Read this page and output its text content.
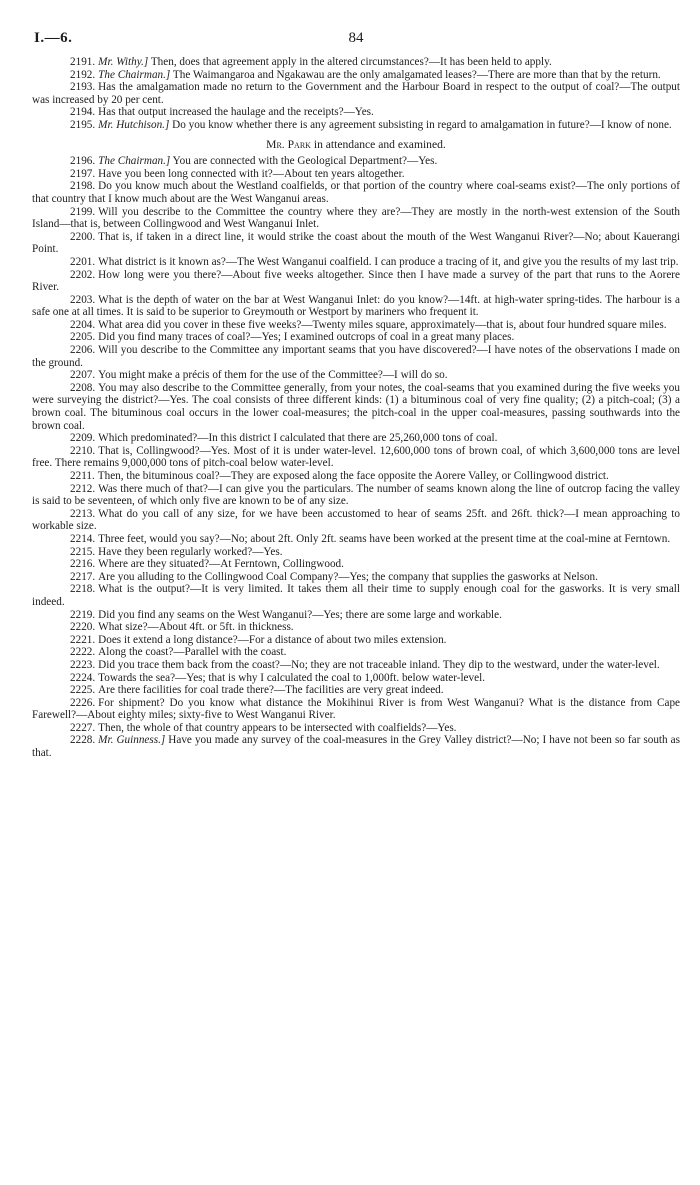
I.—6.	84

2191. Mr. Withy.] Then, does that agreement apply in the altered circumstances?—It has been held to apply.

2192. The Chairman.] The Waimangaroa and Ngakawau are the only amalgamated leases?—There are more than that by the return.

2193. Has the amalgamation made no return to the Government and the Harbour Board in respect to the output of coal?—The output was increased by 20 per cent.

2194. Has that output increased the haulage and the receipts?—Yes.

2195. Mr. Hutchison.] Do you know whether there is any agreement subsisting in regard to amalgamation in future?—I know of none.

Mr. Park in attendance and examined.

2196. The Chairman.] You are connected with the Geological Department?—Yes.

2197. Have you been long connected with it?—About ten years altogether.

2198. Do you know much about the Westland coalfields, or that portion of the country where coal-seams exist?—The only portions of that country that I know much about are the West Wanganui areas.

2199. Will you describe to the Committee the country where they are?—They are mostly in the north-west extension of the South Island—that is, between Collingwood and West Wanganui Inlet.

2200. That is, if taken in a direct line, it would strike the coast about the mouth of the West Wanganui River?—No; about Kauerangi Point.

2201. What district is it known as?—The West Wanganui coalfield. I can produce a tracing of it, and give you the results of my last trip.

2202. How long were you there?—About five weeks altogether. Since then I have made a survey of the part that runs to the Aorere River.

2203. What is the depth of water on the bar at West Wanganui Inlet: do you know?—14ft. at high-water spring-tides. The harbour is a safe one at all times. It is said to be superior to Greymouth or Westport by mariners who frequent it.

2204. What area did you cover in these five weeks?—Twenty miles square, approximately—that is, about four hundred square miles.

2205. Did you find many traces of coal?—Yes; I examined outcrops of coal in a great many places.

2206. Will you describe to the Committee any important seams that you have discovered?—I have notes of the observations I made on the ground.

2207. You might make a précis of them for the use of the Committee?—I will do so.

2208. You may also describe to the Committee generally, from your notes, the coal-seams that you examined during the five weeks you were surveying the district?—Yes. The coal consists of three different kinds: (1) a bituminous coal of very fine quality; (2) a pitch-coal; (3) a brown coal. The bituminous coal occurs in the lower coal-measures; the pitch-coal in the upper coal-measures, passing southwards into the brown coal.

2209. Which predominated?—In this district I calculated that there are 25,260,000 tons of coal.

2210. That is, Collingwood?—Yes. Most of it is under water-level. 12,600,000 tons of brown coal, of which 3,600,000 tons are level free. There remains 9,000,000 tons of pitch-coal below water-level.

2211. Then, the bituminous coal?—They are exposed along the face opposite the Aorere Valley, or Collingwood district.

2212. Was there much of that?—I can give you the particulars. The number of seams known along the line of outcrop facing the valley is said to be seventeen, of which only five are known to be of any size.

2213. What do you call of any size, for we have been accustomed to hear of seams 25ft. and 26ft. thick?—I mean approaching to workable size.

2214. Three feet, would you say?—No; about 2ft. Only 2ft. seams have been worked at the present time at the coal-mine at Ferntown.

2215. Have they been regularly worked?—Yes.

2216. Where are they situated?—At Ferntown, Collingwood.

2217. Are you alluding to the Collingwood Coal Company?—Yes; the company that supplies the gasworks at Nelson.

2218. What is the output?—It is very limited. It takes them all their time to supply enough coal for the gasworks. It is very small indeed.

2219. Did you find any seams on the West Wanganui?—Yes; there are some large and workable.

2220. What size?—About 4ft. or 5ft. in thickness.

2221. Does it extend a long distance?—For a distance of about two miles extension.

2222. Along the coast?—Parallel with the coast.

2223. Did you trace them back from the coast?—No; they are not traceable inland. They dip to the westward, under the water-level.

2224. Towards the sea?—Yes; that is why I calculated the coal to 1,000ft. below water-level.

2225. Are there facilities for coal trade there?—The facilities are very great indeed.

2226. For shipment? Do you know what distance the Mokihinui River is from West Wanganui? What is the distance from Cape Farewell?—About eighty miles; sixty-five to West Wanganui River.

2227. Then, the whole of that country appears to be intersected with coalfields?—Yes.

2228. Mr. Guinness.] Have you made any survey of the coal-measures in the Grey Valley district?—No; I have not been so far south as that.
